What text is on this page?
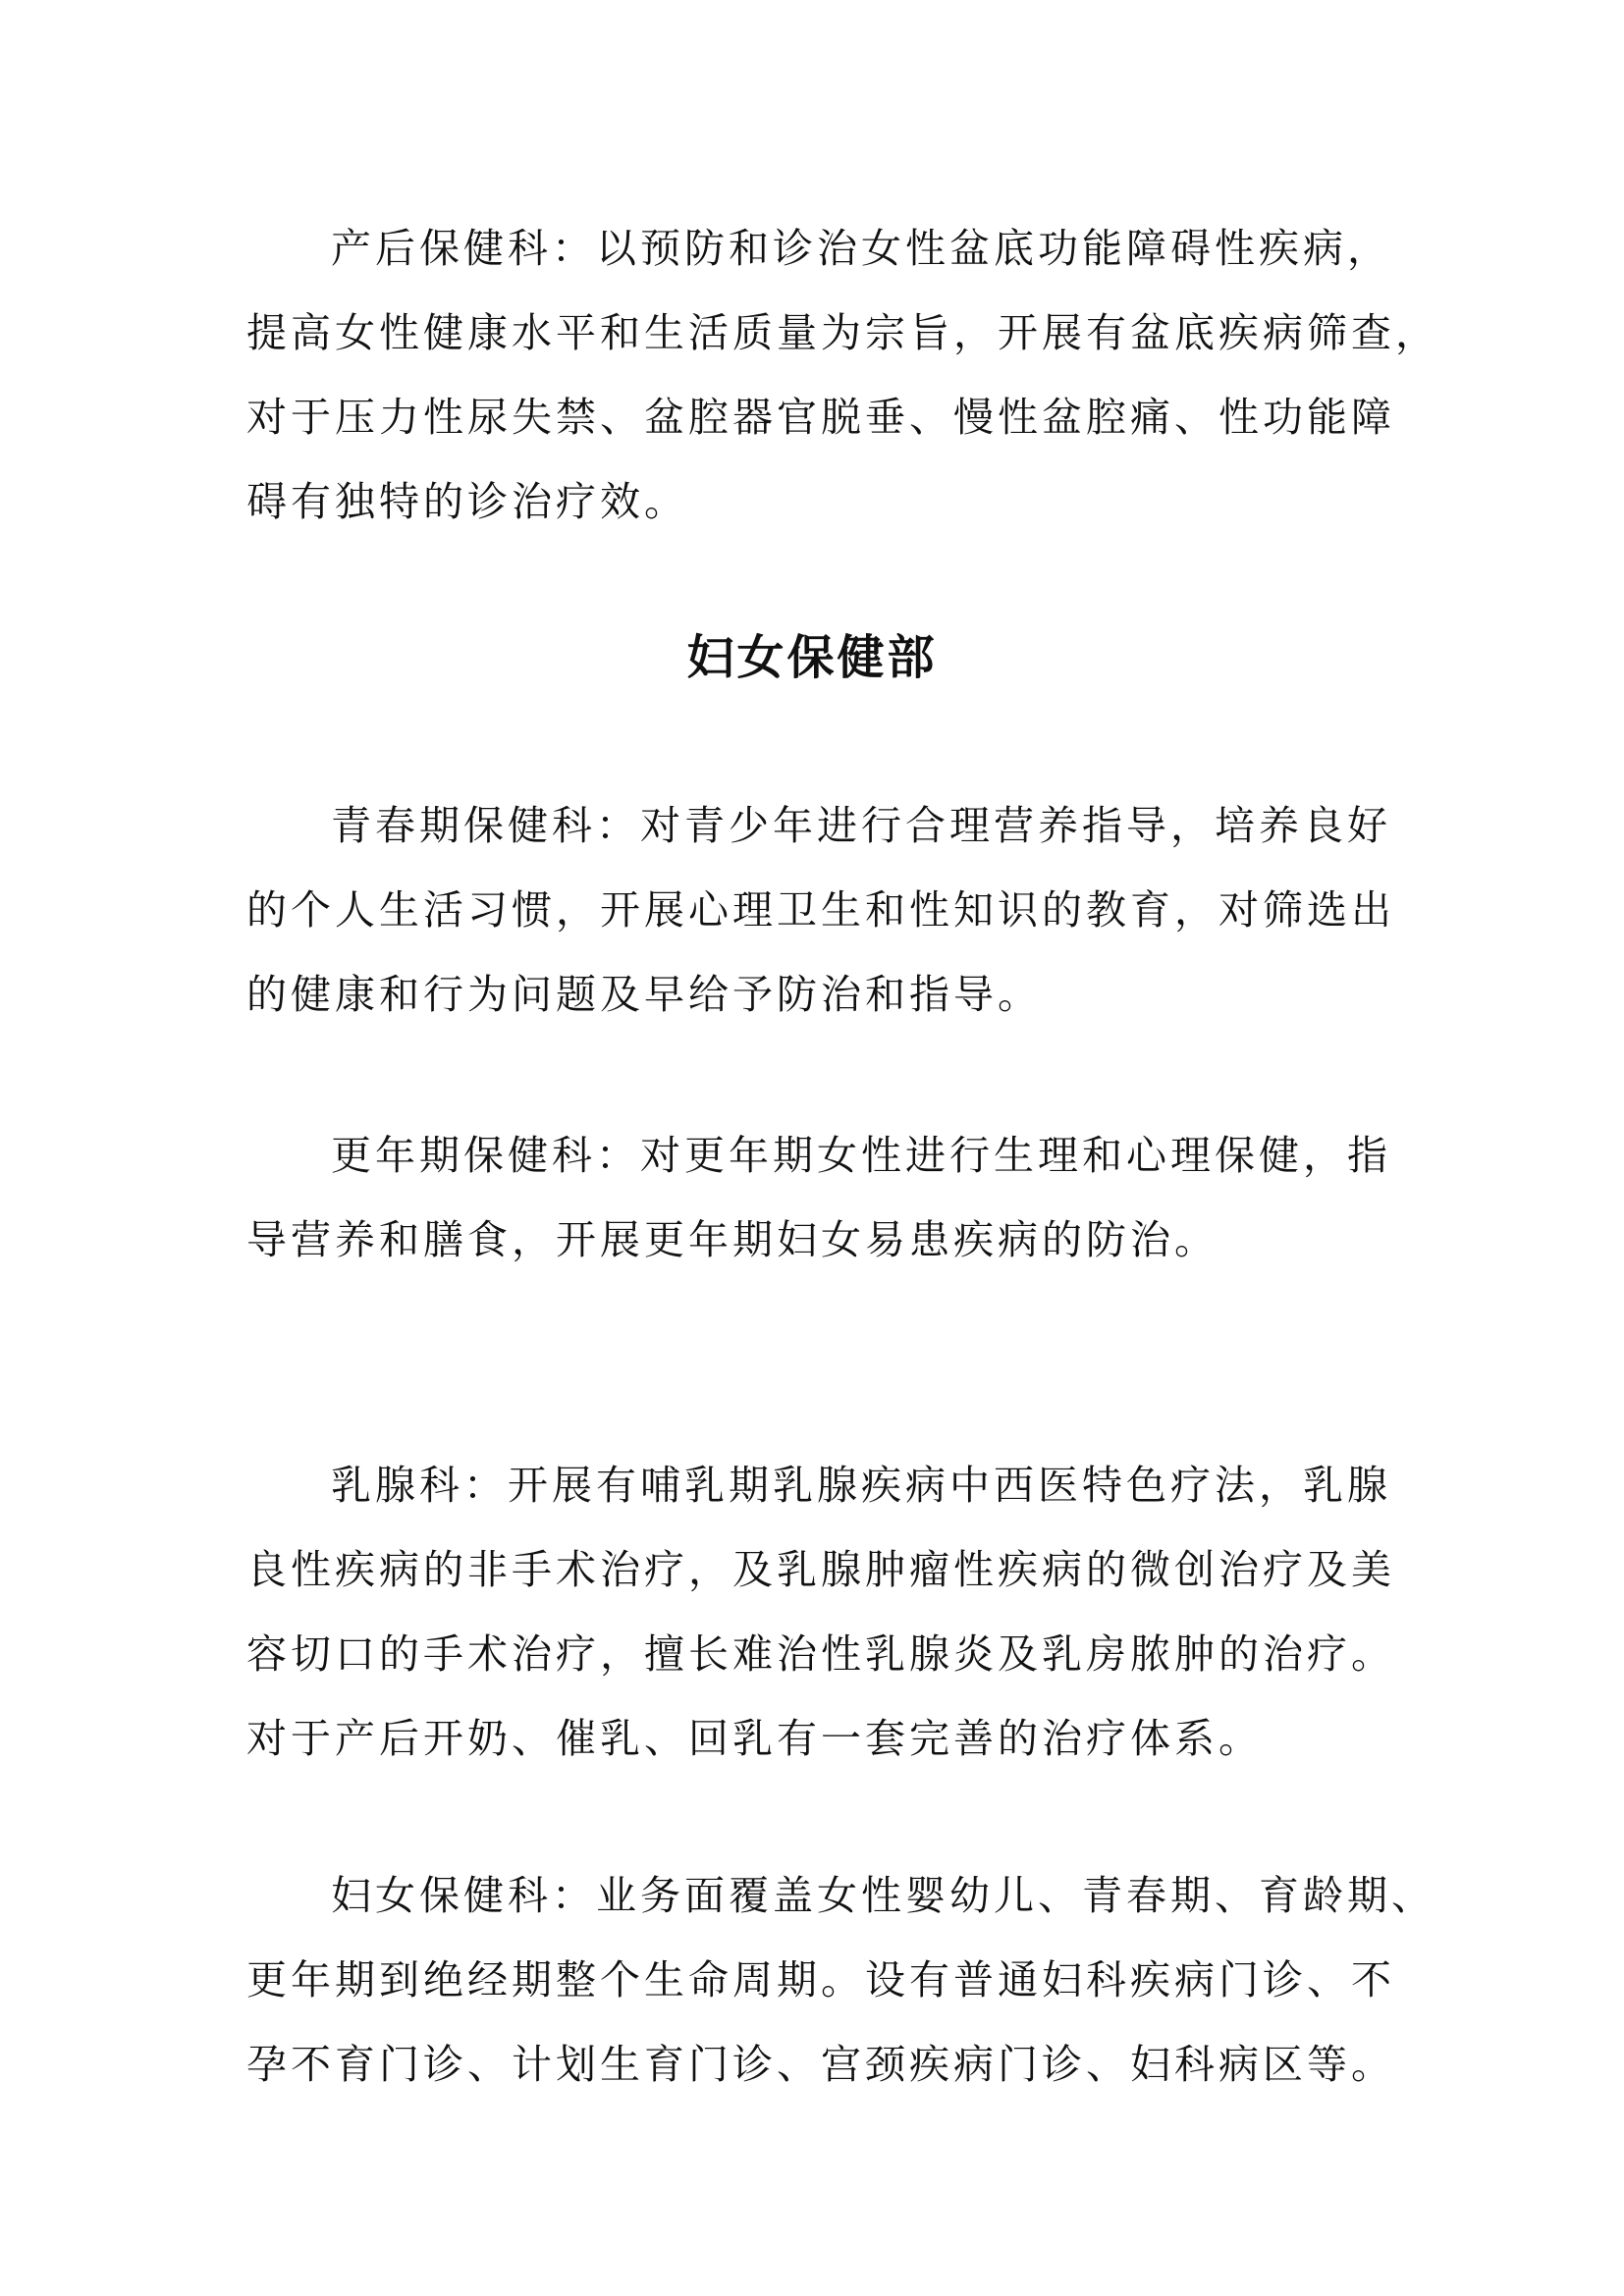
产后保健科：以预防和诊治女性盆底功能障碍性疾病，
提高女性健康水平和生活质量为宗旨，开展有盆底疾病筛查，
对于压力性尿失禁、盆腔器官脱垂、慢性盆腔痛、性功能障
碍有独特的诊治疗效。
妇女保健部
青春期保健科：对青少年进行合理营养指导，培养良好
的个人生活习惯，开展心理卫生和性知识的教育，对筛选出
的健康和行为问题及早给予防治和指导。
更年期保健科：对更年期女性进行生理和心理保健，指
导营养和膳食，开展更年期妇女易患疾病的防治。
乳腺科：开展有哺乳期乳腺疾病中西医特色疗法，乳腺
良性疾病的非手术治疗，及乳腺肿瘤性疾病的微创治疗及美
容切口的手术治疗，擅长难治性乳腺炎及乳房脓肿的治疗。
对于产后开奶、催乳、回乳有一套完善的治疗体系。
妇女保健科：业务面覆盖女性婴幼儿、青春期、育龄期、
更年期到绝经期整个生命周期。设有普通妇科疾病门诊、不
孕不育门诊、计划生育门诊、宫颈疾病门诊、妇科病区等。
